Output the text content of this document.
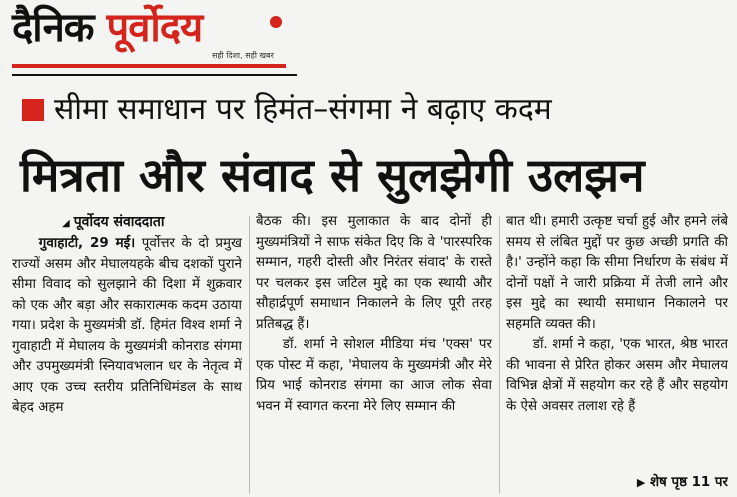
दैनिक पूर्वोदय
सही दिशा, सही खबर
सीमा समाधान पर हिमंत–संगमा ने बढ़ाए कदम
मित्रता और संवाद से सुलझेगी उलझन
◢ पूर्वोदय संवाददाता
गुवाहाटी, 29 मई। पूर्वोत्तर के दो प्रमुख राज्यों असम और मेघालयहके बीच दशकों पुराने सीमा विवाद को सुलझाने की दिशा में शुक्रवार को एक और बड़ा और सकारात्मक कदम उठाया गया। प्रदेश के मुख्यमंत्री डॉ. हिमंत विश्व शर्मा ने गुवाहाटी में मेघालय के मुख्यमंत्री कोनराड संगमा और उपमुख्यमंत्री स्नियावभलान धर के नेतृत्व में आए एक उच्च स्तरीय प्रतिनिधिमंडल के साथ बेहद अहम
बैठक की। इस मुलाकात के बाद दोनों ही मुख्यमंत्रियों ने साफ संकेत दिए कि वे 'पारस्परिक सम्मान, गहरी दोस्ती और निरंतर संवाद' के रास्ते पर चलकर इस जटिल मुद्दे का एक स्थायी और सौहार्द्रपूर्ण समाधान निकालने के लिए पूरी तरह प्रतिबद्ध हैं।
डॉ. शर्मा ने सोशल मीडिया मंच 'एक्स' पर एक पोस्ट में कहा, 'मेघालय के मुख्यमंत्री और मेरे प्रिय भाई कोनराड संगमा का आज लोक सेवा भवन में स्वागत करना मेरे लिए सम्मान की
बात थी। हमारी उत्कृष्ट चर्चा हुई और हमने लंबे समय से लंबित मुद्दों पर कुछ अच्छी प्रगति की है।' उन्होंने कहा कि सीमा निर्धारण के संबंध में दोनों पक्षों ने जारी प्रक्रिया में तेजी लाने और इस मुद्दे का स्थायी समाधान निकालने पर सहमति व्यक्त की।
डॉ. शर्मा ने कहा, 'एक भारत, श्रेष्ठ भारत की भावना से प्रेरित होकर असम और मेघालय विभिन्न क्षेत्रों में सहयोग कर रहे हैं और सहयोग के ऐसे अवसर तलाश रहे हैं
▶ शेष पृष्ठ 11 पर
